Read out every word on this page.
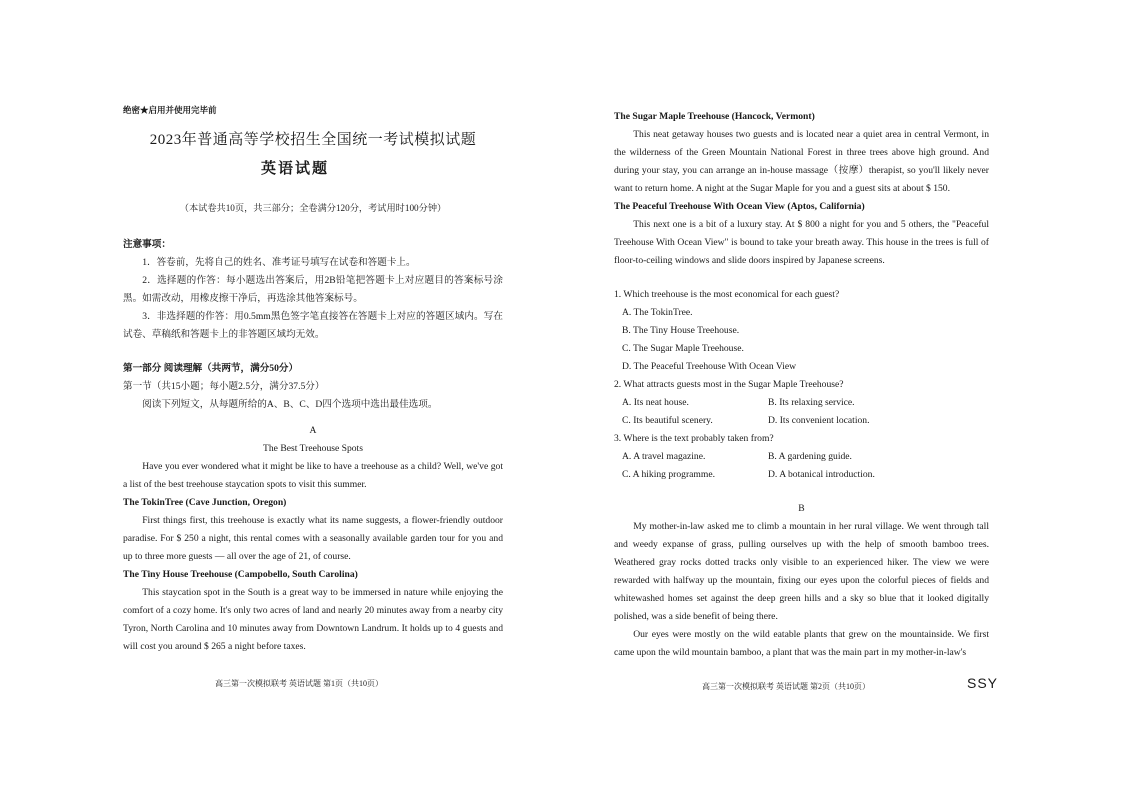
绝密★启用并使用完毕前

2023年普通高等学校招生全国统一考试模拟试题

英语试题

（本试卷共10页，共三部分；全卷满分120分，考试用时100分钟）

注意事项：

1．答卷前，先将自己的姓名、准考证号填写在试卷和答题卡上。

2．选择题的作答：每小题选出答案后，用2B铅笔把答题卡上对应题目的答案标号涂黑。如需改动，用橡皮擦干净后，再选涂其他答案标号。

3．非选择题的作答：用0.5mm黑色签字笔直接答在答题卡上对应的答题区域内。写在试卷、草稿纸和答题卡上的非答题区域均无效。

第一部分 阅读理解（共两节，满分50分）

第一节（共15小题；每小题2.5分，满分37.5分）

阅读下列短文，从每题所给的A、B、C、D四个选项中选出最佳选项。

A

The Best Treehouse Spots

Have you ever wondered what it might be like to have a treehouse as a child? Well, we've got a list of the best treehouse staycation spots to visit this summer.

The TokinTree (Cave Junction, Oregon)

First things first, this treehouse is exactly what its name suggests, a flower-friendly outdoor paradise. For $ 250 a night, this rental comes with a seasonally available garden tour for you and up to three more guests — all over the age of 21, of course.

The Tiny House Treehouse (Campobello, South Carolina)

This staycation spot in the South is a great way to be immersed in nature while enjoying the comfort of a cozy home. It's only two acres of land and nearly 20 minutes away from a nearby city Tyron, North Carolina and 10 minutes away from Downtown Landrum. It holds up to 4 guests and will cost you around $ 265 a night before taxes.

高三第一次模拟联考 英语试题 第1页（共10页）

The Sugar Maple Treehouse (Hancock, Vermont)

This neat getaway houses two guests and is located near a quiet area in central Vermont, in the wilderness of the Green Mountain National Forest in three trees above high ground. And during your stay, you can arrange an in-house massage（按摩）therapist, so you'll likely never want to return home. A night at the Sugar Maple for you and a guest sits at about $ 150.

The Peaceful Treehouse With Ocean View (Aptos, California)

This next one is a bit of a luxury stay. At $ 800 a night for you and 5 others, the "Peaceful Treehouse With Ocean View" is bound to take your breath away. This house in the trees is full of floor-to-ceiling windows and slide doors inspired by Japanese screens.

1. Which treehouse is the most economical for each guest?

A. The TokinTree.

B. The Tiny House Treehouse.

C. The Sugar Maple Treehouse.

D. The Peaceful Treehouse With Ocean View

2. What attracts guests most in the Sugar Maple Treehouse?

A. Its neat house.	B. Its relaxing service.
C. Its beautiful scenery.	D. Its convenient location.

3. Where is the text probably taken from?

A. A travel magazine.	B. A gardening guide.
C. A hiking programme.	D. A botanical introduction.

B

My mother-in-law asked me to climb a mountain in her rural village. We went through tall and weedy expanse of grass, pulling ourselves up with the help of smooth bamboo trees. Weathered gray rocks dotted tracks only visible to an experienced hiker. The view we were rewarded with halfway up the mountain, fixing our eyes upon the colorful pieces of fields and whitewashed homes set against the deep green hills and a sky so blue that it looked digitally polished, was a side benefit of being there.

Our eyes were mostly on the wild eatable plants that grew on the mountainside. We first came upon the wild mountain bamboo, a plant that was the main part in my mother-in-law's

高三第一次模拟联考 英语试题 第2页（共10页）	SSY
